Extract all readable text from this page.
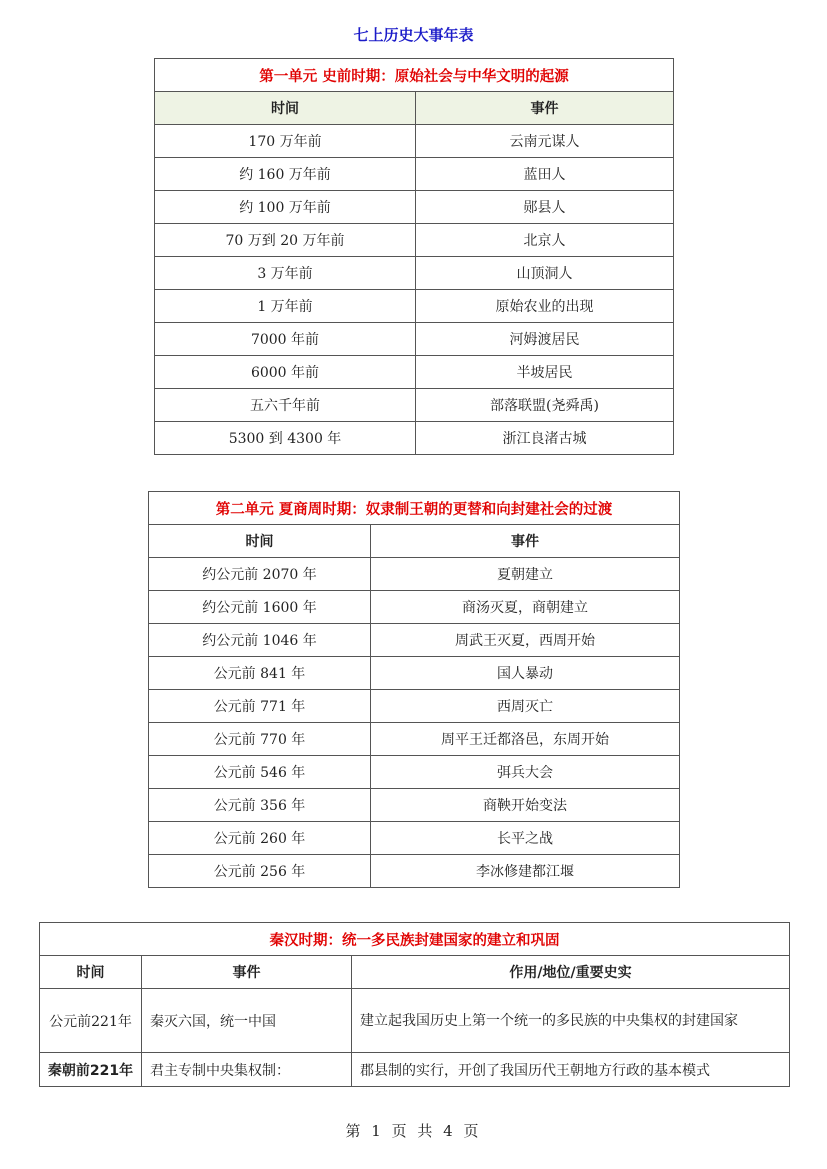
七上历史大事年表
第一单元 史前时期：原始社会与中华文明的起源	
时间	事件
170 万年前	云南元谋人
约 160 万年前	蓝田人
约 100 万年前	郧县人
70 万到 20 万年前	北京人
3 万年前	山顶洞人
1 万年前	原始农业的出现
7000 年前	河姆渡居民
6000 年前	半坡居民
五六千年前	部落联盟(尧舜禹)
5300 到 4300 年	浙江良渚古城
第二单元 夏商周时期：奴隶制王朝的更替和向封建社会的过渡	
时间	事件
约公元前 2070 年	夏朝建立
约公元前 1600 年	商汤灭夏，商朝建立
约公元前 1046 年	周武王灭夏，西周开始
公元前 841 年	国人暴动
公元前 771 年	西周灭亡
公元前 770 年	周平王迁都洛邑，东周开始
公元前 546 年	弭兵大会
公元前 356 年	商鞅开始变法
公元前 260 年	长平之战
公元前 256 年	李冰修建都江堰
秦汉时期：统一多民族封建国家的建立和巩固		
时间	事件	作用/地位/重要史实
公元前221年	秦灭六国，统一中国	建立起我国历史上第一个统一的多民族的中央集权的封建国家
秦朝前221年	君主专制中央集权制：	郡县制的实行，开创了我国历代王朝地方行政的基本模式
第 1 页 共 4 页
